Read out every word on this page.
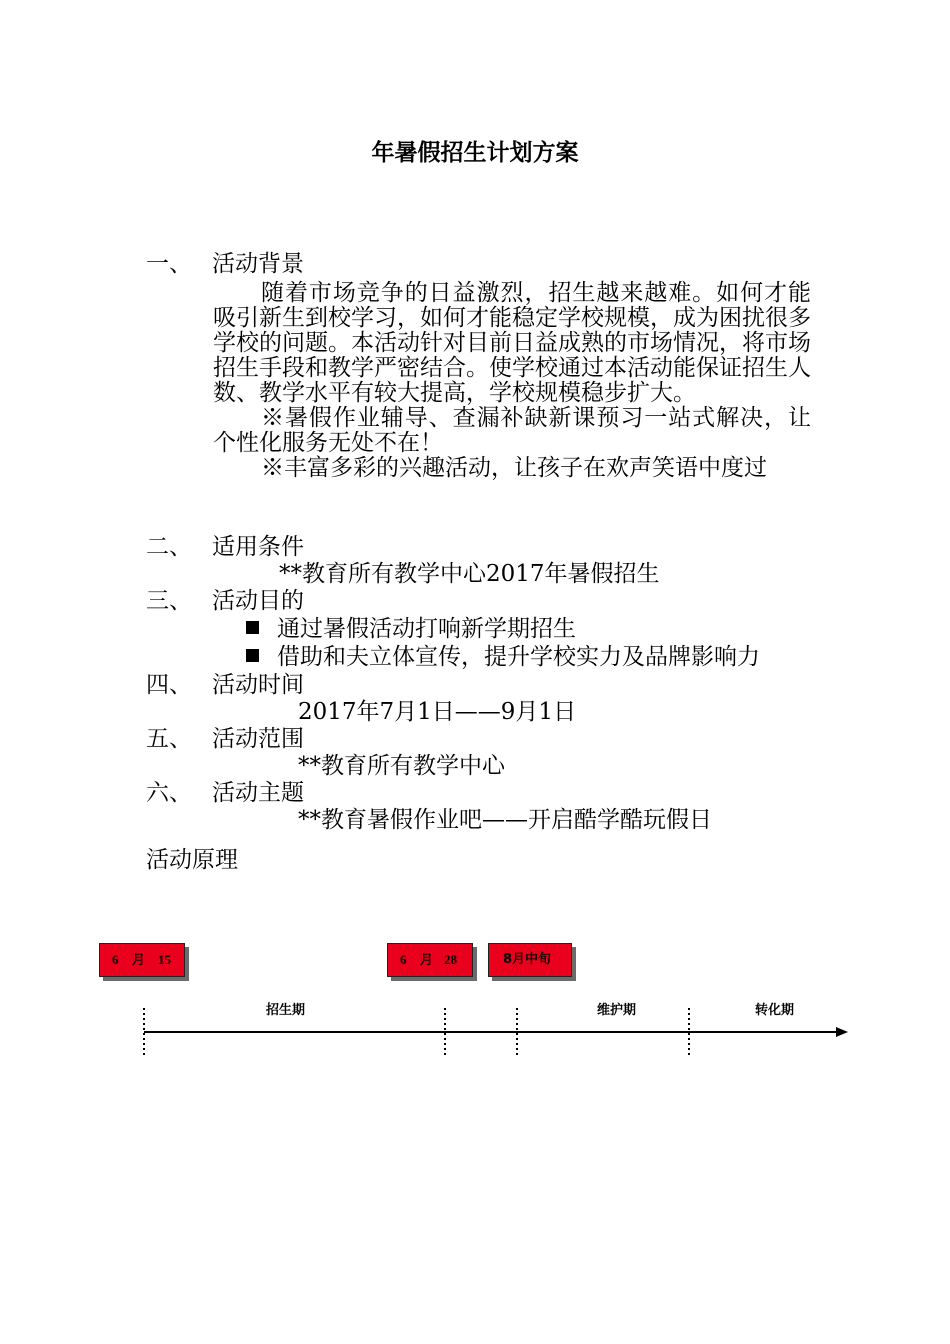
年暑假招生计划方案
一、 活动背景

随着市场竞争的日益激烈，招生越来越难。如何才能吸引新生到校学习，如何才能稳定学校规模，成为困扰很多学校的问题。本活动针对目前日益成熟的市场情况，将市场招生手段和教学严密结合。使学校通过本活动能保证招生人数、教学水平有较大提高，学校规模稳步扩大。

※暑假作业辅导、查漏补缺新课预习一站式解决，让个性化服务无处不在！

※丰富多彩的兴趣活动，让孩子在欢声笑语中度过

二、 适用条件
**教育所有教学中心2017年暑假招生
三、 活动目的
通过暑假活动打响新学期招生
借助和夫立体宣传，提升学校实力及品牌影响力
四、 活动时间
2017年7月1日——9月1日
五、 活动范围
**教育所有教学中心
六、 活动主题
**教育暑假作业吧——开启酷学酷玩假日
活动原理
6 月 15	6 月 28	8月中旬
招生期	维护期	转化期
